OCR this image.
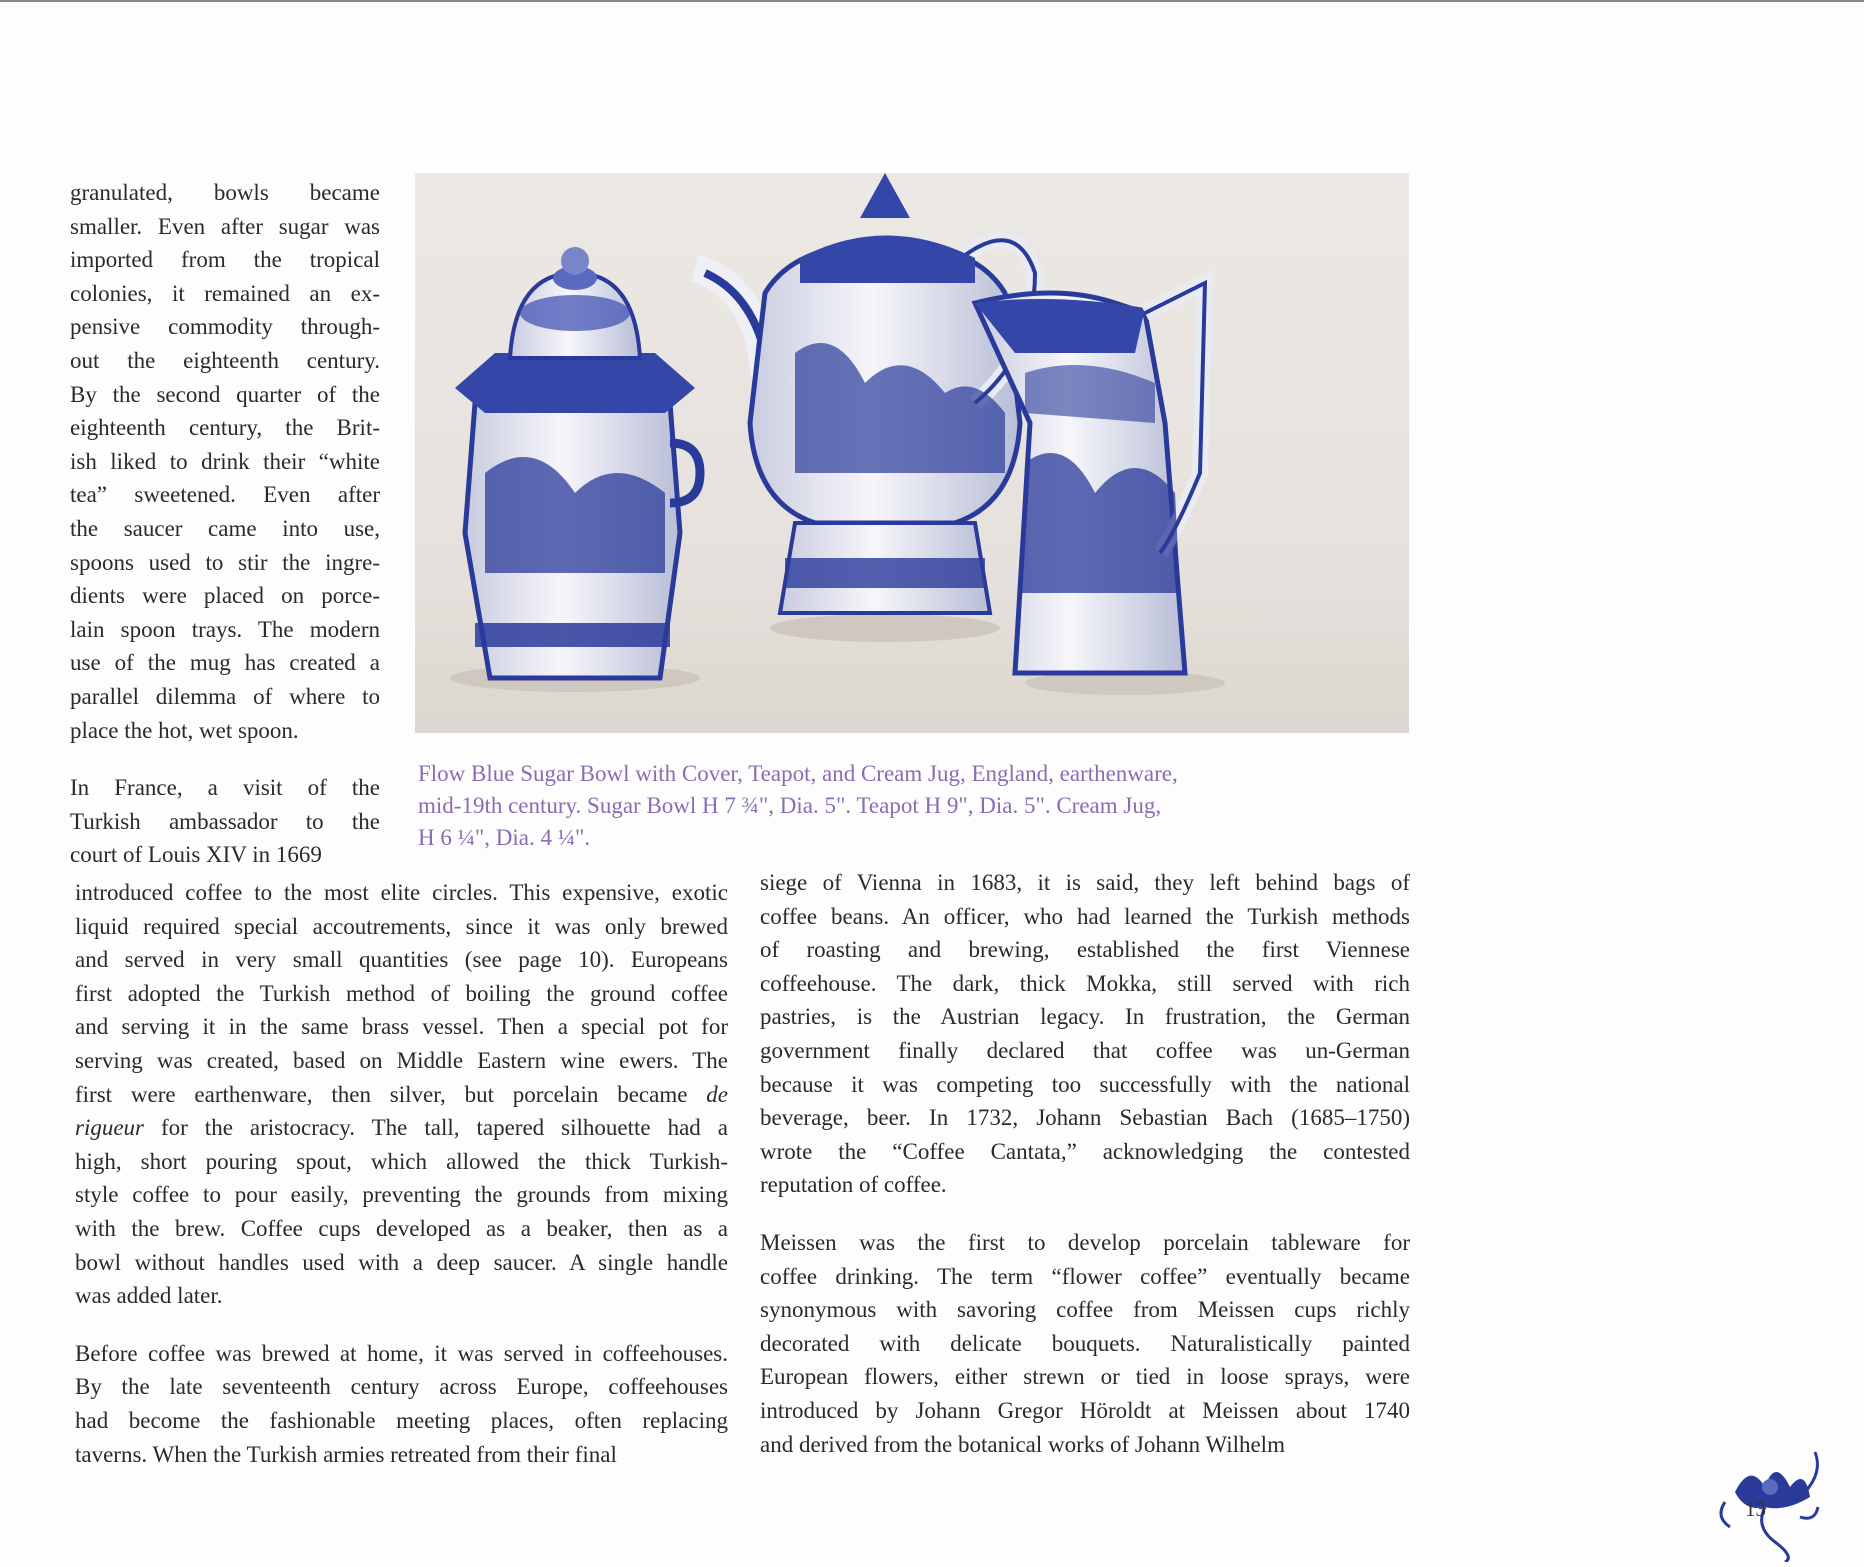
granulated, bowls became
smaller. Even after sugar was
imported from the tropical
colonies, it remained an ex-
pensive commodity through-
out the eighteenth century.
By the second quarter of the
eighteenth century, the Brit-
ish liked to drink their “white
tea” sweetened. Even after
the saucer came into use,
spoons used to stir the ingre-
dients were placed on porce-
lain spoon trays. The modern
use of the mug has created a
parallel dilemma of where to
place the hot, wet spoon.
In France, a visit of the
Turkish ambassador to the
court of Louis XIV in 1669
Flow Blue Sugar Bowl with Cover, Teapot, and Cream Jug, England, earthenware,
mid-19th century. Sugar Bowl H 7 ¾", Dia. 5". Teapot H 9", Dia. 5". Cream Jug,
H 6 ¼", Dia. 4 ¼".
introduced coffee to the most elite circles. This expensive, exotic
liquid required special accoutrements, since it was only brewed
and served in very small quantities (see page 10). Europeans
first adopted the Turkish method of boiling the ground coffee
and serving it in the same brass vessel. Then a special pot for
serving was created, based on Middle Eastern wine ewers. The
first were earthenware, then silver, but porcelain became de
rigueur for the aristocracy. The tall, tapered silhouette had a
high, short pouring spout, which allowed the thick Turkish-
style coffee to pour easily, preventing the grounds from mixing
with the brew. Coffee cups developed as a beaker, then as a
bowl without handles used with a deep saucer. A single handle
was added later.
Before coffee was brewed at home, it was served in coffeehouses.
By the late seventeenth century across Europe, coffeehouses
had become the fashionable meeting places, often replacing
taverns. When the Turkish armies retreated from their final
siege of Vienna in 1683, it is said, they left behind bags of
coffee beans. An officer, who had learned the Turkish methods
of roasting and brewing, established the first Viennese
coffeehouse. The dark, thick Mokka, still served with rich
pastries, is the Austrian legacy. In frustration, the German
government finally declared that coffee was un-German
because it was competing too successfully with the national
beverage, beer. In 1732, Johann Sebastian Bach (1685–1750)
wrote the “Coffee Cantata,” acknowledging the contested
reputation of coffee.
Meissen was the first to develop porcelain tableware for
coffee drinking. The term “flower coffee” eventually became
synonymous with savoring coffee from Meissen cups richly
decorated with delicate bouquets. Naturalistically painted
European flowers, either strewn or tied in loose sprays, were
introduced by Johann Gregor Höroldt at Meissen about 1740
and derived from the botanical works of Johann Wilhelm
13
